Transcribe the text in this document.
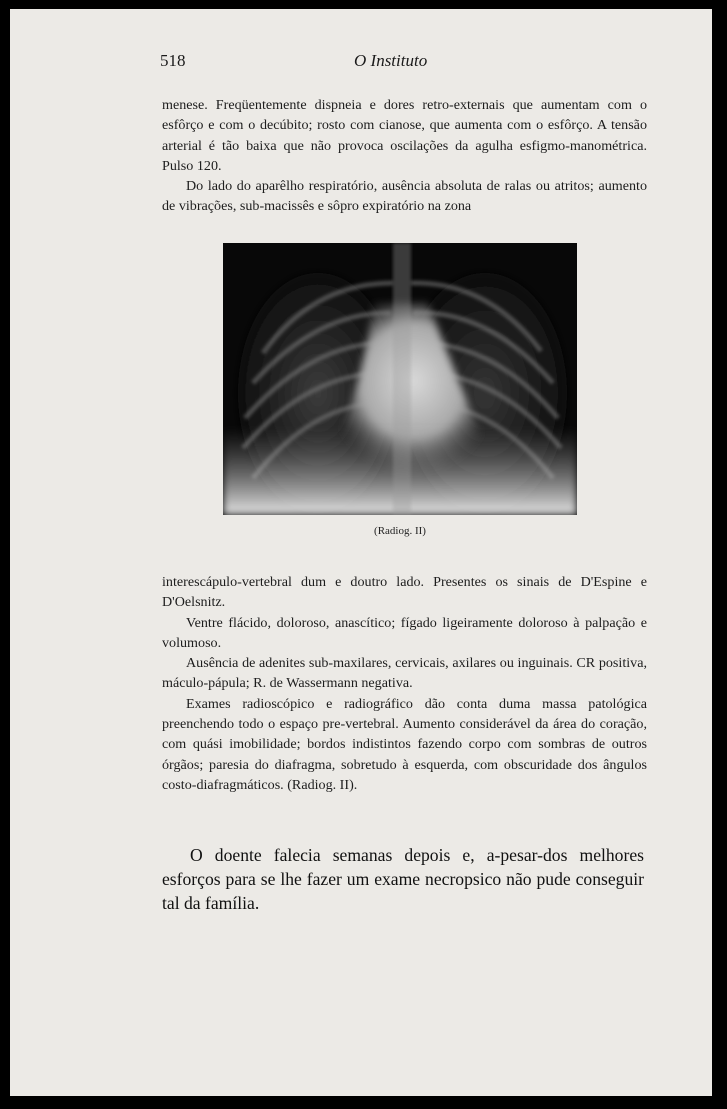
518	O Instituto

menese. Freqüentemente dispneia e dores retro-externais que aumentam com o esfôrço e com o decúbito; rosto com cianose, que aumenta com o esfôrço. A tensão arterial é tão baixa que não provoca oscilações da agulha esfigmo-manométrica. Pulso 120.

Do lado do aparêlho respiratório, ausência absoluta de ralas ou atritos; aumento de vibrações, sub-macissês e sôpro expiratório na zona

(Radiog. II)

interescápulo-vertebral dum e doutro lado. Presentes os sinais de D'Espine e D'Oelsnitz.

Ventre flácido, doloroso, anascítico; fígado ligeiramente doloroso à palpação e volumoso.

Ausência de adenites sub-maxilares, cervicais, axilares ou inguinais. CR positiva, máculo-pápula; R. de Wassermann negativa.

Exames radioscópico e radiográfico dão conta duma massa patológica preenchendo todo o espaço pre-vertebral. Aumento considerável da área do coração, com quási imobilidade; bordos indistintos fazendo corpo com sombras de outros órgãos; paresia do diafragma, sobretudo à esquerda, com obscuridade dos ângulos costo-diafragmáticos. (Radiog. II).

O doente falecia semanas depois e, a-pesar-dos melhores esforços para se lhe fazer um exame necropsico não pude conseguir tal da família.
